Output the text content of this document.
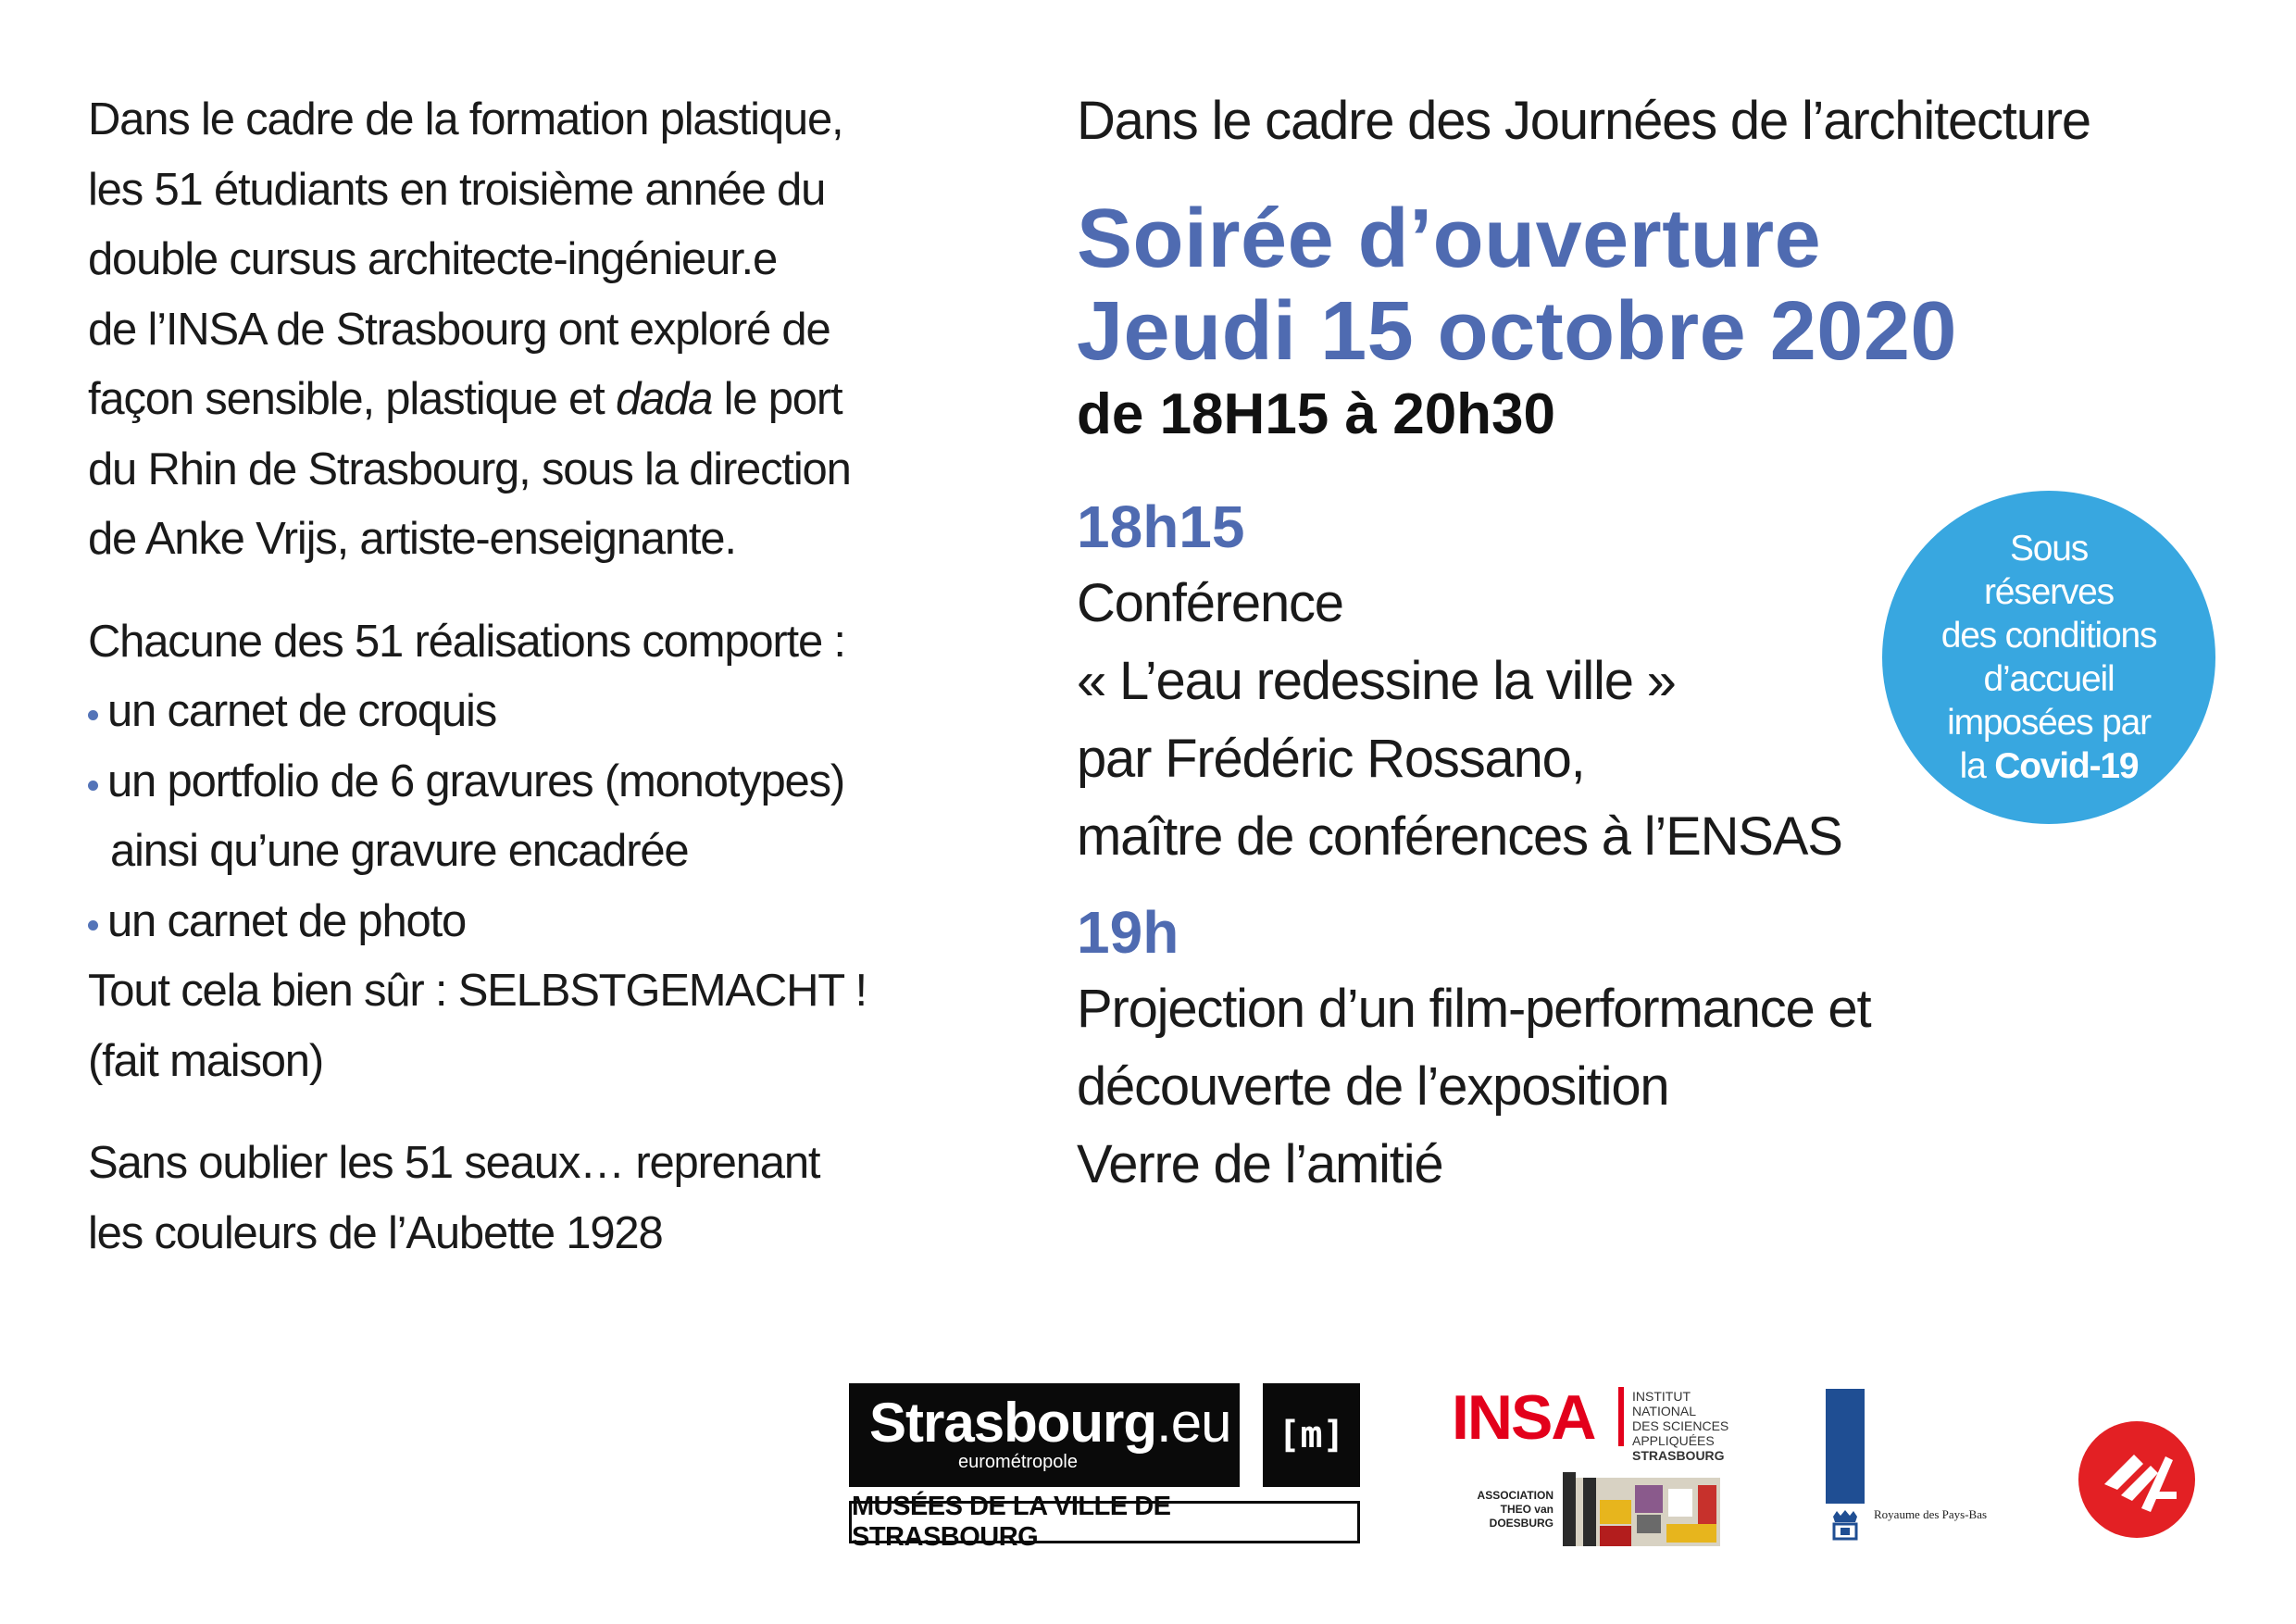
Dans le cadre de la formation plastique,

les 51 étudiants en troisième année du

double cursus architecte-ingénieur.e

de l’INSA de Strasbourg ont exploré de

façon sensible, plastique et dada le port

du Rhin de Strasbourg, sous la direction

de Anke Vrijs, artiste-enseignante.

Chacune des 51 réalisations comporte :

un carnet de croquis

un portfolio de 6 gravures (monotypes)

ainsi qu’une gravure encadrée

un carnet de photo

Tout cela bien sûr : SELBSTGEMACHT !

(fait maison)

Sans oublier les 51 seaux… reprenant

les couleurs de l’Aubette 1928

Dans le cadre des Journées de l’architecture

Soirée d’ouverture

Jeudi 15 octobre 2020

de 18H15 à 20h30

18h15

Conférence

« L’eau redessine la ville »

par Frédéric Rossano,

maître de conférences à l’ENSAS

19h

Projection d’un film-performance et

découverte de l’exposition

Verre de l’amitié

Sous
réserves
des conditions
d’accueil
imposées par
la Covid-19
Strasbourg.eu
eurométropole
[m]
MUSÉES DE LA VILLE DE STRASBOURG
INSA	INSTITUT NATIONAL
DES SCIENCES
APPLIQUÉES
STRASBOURG
ASSOCIATION
THEO van DOESBURG
Royaume des Pays-Bas
